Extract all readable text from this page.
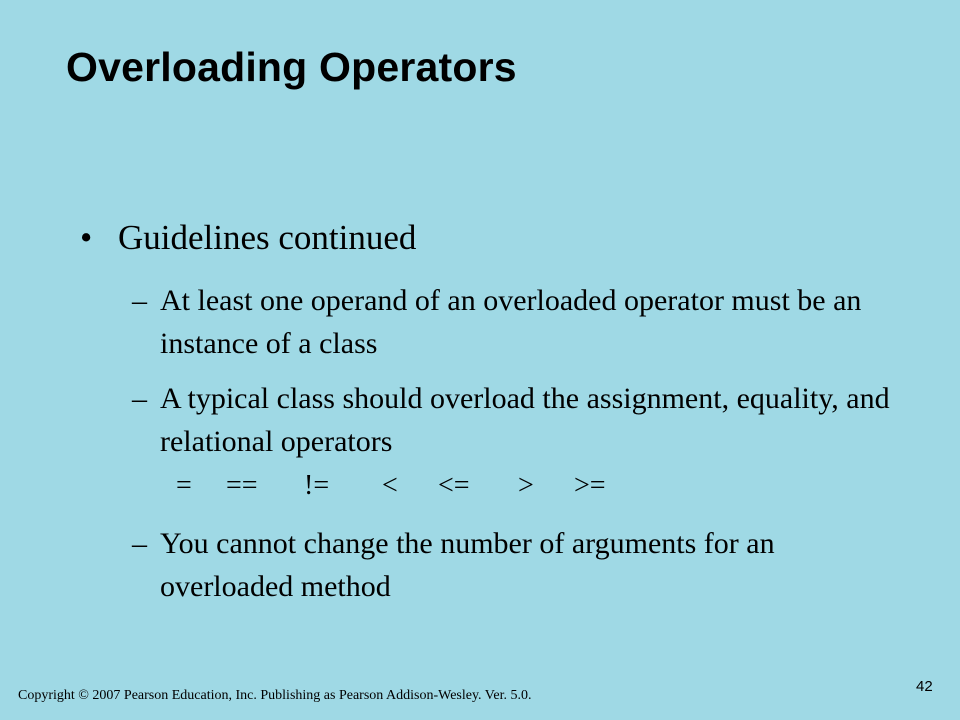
Overloading Operators
• Guidelines continued
– At least one operand of an overloaded operator must be an instance of a class
– A typical class should overload the assignment, equality, and relational operators
= == != < <= > >=
– You cannot change the number of arguments for an overloaded method
Copyright © 2007 Pearson Education, Inc. Publishing as Pearson Addison-Wesley. Ver. 5.0.
42
